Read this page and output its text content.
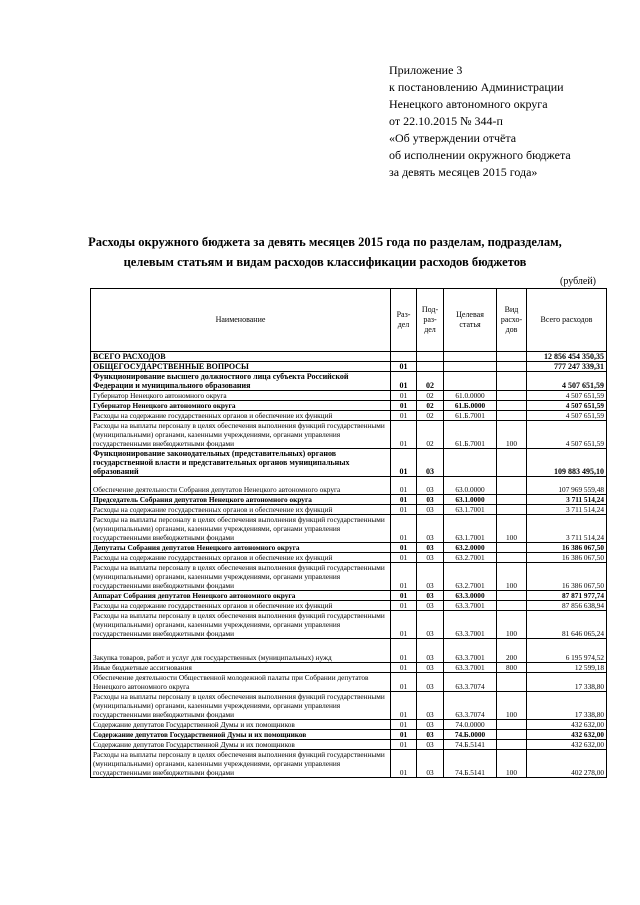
Приложение 3
к постановлению Администрации
Ненецкого автономного округа
от 22.10.2015 № 344-п
«Об утверждении отчёта
об исполнении окружного бюджета
за девять месяцев 2015 года»
Расходы окружного бюджета за девять месяцев 2015 года по разделам, подразделам,
целевым статьям и видам расходов классификации расходов бюджетов
(рублей)
Наименование	Раз-дел	Под-раз-дел	Целевая статья	Вид расхо-дов	Всего расходов
ВСЕГО РАСХОДОВ					12 856 454 350,35
ОБЩЕГОСУДАРСТВЕННЫЕ ВОПРОСЫ	01				777 247 339,31
Функционирование высшего должностного лица субъекта Российской Федерации и муниципального образования	01	02			4 507 651,59
Губернатор Ненецкого автономного округа	01	02	61.0.0000		4 507 651,59
Губернатор Ненецкого автономного округа	01	02	61.Б.0000		4 507 651,59
Расходы на содержание государственных органов и обеспечение их функций	01	02	61.Б.7001		4 507 651,59
Расходы на выплаты персоналу в целях обеспечения выполнения функций государственными (муниципальными) органами, казенными учреждениями, органами управления государственными внебюджетными фондами	01	02	61.Б.7001	100	4 507 651,59
Функционирование законодательных (представительных) органов государственной власти и представительных органов муниципальных образований	01	03			109 883 495,10
Обеспечение деятельности Собрания депутатов Ненецкого автономного округа	01	03	63.0.0000		107 969 559,48
Председатель Собрания депутатов Ненецкого автономного округа	01	03	63.1.0000		3 711 514,24
Расходы на содержание государственных органов и обеспечение их функций	01	03	63.1.7001		3 711 514,24
Расходы на выплаты персоналу в целях обеспечения выполнения функций государственными (муниципальными) органами, казенными учреждениями, органами управления государственными внебюджетными фондами	01	03	63.1.7001	100	3 711 514,24
Депутаты Собрания депутатов Ненецкого автономного округа	01	03	63.2.0000		16 386 067,50
Расходы на содержание государственных органов и обеспечение их функций	01	03	63.2.7001		16 386 067,50
Расходы на выплаты персоналу в целях обеспечения выполнения функций государственными (муниципальными) органами, казенными учреждениями, органами управления государственными внебюджетными фондами	01	03	63.2.7001	100	16 386 067,50
Аппарат Собрания депутатов Ненецкого автономного округа	01	03	63.3.0000		87 871 977,74
Расходы на содержание государственных органов и обеспечение их функций	01	03	63.3.7001		87 856 638,94
Расходы на выплаты персоналу в целях обеспечения выполнения функций государственными (муниципальными) органами, казенными учреждениями, органами управления государственными внебюджетными фондами	01	03	63.3.7001	100	81 646 065,24
Закупка товаров, работ и услуг для государственных (муниципальных) нужд	01	03	63.3.7001	200	6 195 974,52
Иные бюджетные ассигнования	01	03	63.3.7001	800	12 599,18
Обеспечение деятельности Общественной молодежной палаты при Собрании депутатов Ненецкого автономного округа	01	03	63.3.7074		17 338,80
Расходы на выплаты персоналу в целях обеспечения выполнения функций государственными (муниципальными) органами, казенными учреждениями, органами управления государственными внебюджетными фондами	01	03	63.3.7074	100	17 338,80
Содержание депутатов Государственной Думы и их помощников	01	03	74.0.0000		432 632,00
Содержание депутатов Государственной Думы и их помощников	01	03	74.Б.0000		432 632,00
Содержание депутатов Государственной Думы и их помощников	01	03	74.Б.5141		432 632,00
Расходы на выплаты персоналу в целях обеспечения выполнения функций государственными (муниципальными) органами, казенными учреждениями, органами управления государственными внебюджетными фондами	01	03	74.Б.5141	100	402 278,00
